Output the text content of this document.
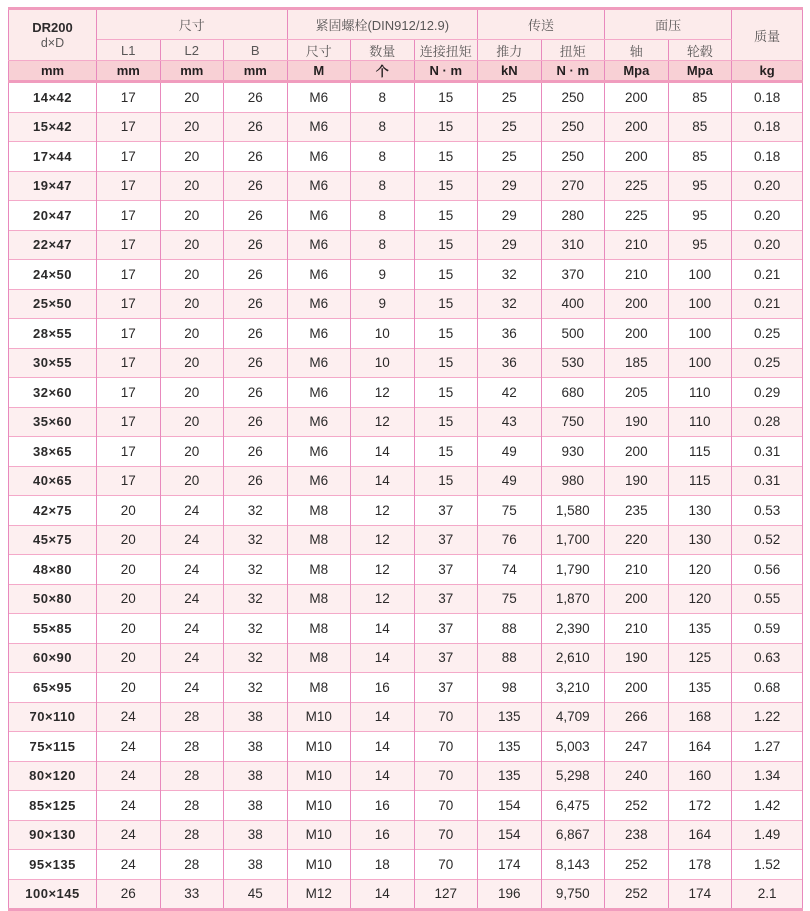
DR200
d×D	尺寸			紧固螺栓(DIN912/12.9)			传送		面压		质量
	L1	L2	B	尺寸	数量	连接扭矩	推力	扭矩	轴	轮毂	
mm	mm	mm	mm	M	个	N · m	kN	N · m	Mpa	Mpa	kg
14×42	17	20	26	M6	8	15	25	250	200	85	0.18
15×42	17	20	26	M6	8	15	25	250	200	85	0.18
17×44	17	20	26	M6	8	15	25	250	200	85	0.18
19×47	17	20	26	M6	8	15	29	270	225	95	0.20
20×47	17	20	26	M6	8	15	29	280	225	95	0.20
22×47	17	20	26	M6	8	15	29	310	210	95	0.20
24×50	17	20	26	M6	9	15	32	370	210	100	0.21
25×50	17	20	26	M6	9	15	32	400	200	100	0.21
28×55	17	20	26	M6	10	15	36	500	200	100	0.25
30×55	17	20	26	M6	10	15	36	530	185	100	0.25
32×60	17	20	26	M6	12	15	42	680	205	110	0.29
35×60	17	20	26	M6	12	15	43	750	190	110	0.28
38×65	17	20	26	M6	14	15	49	930	200	115	0.31
40×65	17	20	26	M6	14	15	49	980	190	115	0.31
42×75	20	24	32	M8	12	37	75	1,580	235	130	0.53
45×75	20	24	32	M8	12	37	76	1,700	220	130	0.52
48×80	20	24	32	M8	12	37	74	1,790	210	120	0.56
50×80	20	24	32	M8	12	37	75	1,870	200	120	0.55
55×85	20	24	32	M8	14	37	88	2,390	210	135	0.59
60×90	20	24	32	M8	14	37	88	2,610	190	125	0.63
65×95	20	24	32	M8	16	37	98	3,210	200	135	0.68
70×110	24	28	38	M10	14	70	135	4,709	266	168	1.22
75×115	24	28	38	M10	14	70	135	5,003	247	164	1.27
80×120	24	28	38	M10	14	70	135	5,298	240	160	1.34
85×125	24	28	38	M10	16	70	154	6,475	252	172	1.42
90×130	24	28	38	M10	16	70	154	6,867	238	164	1.49
95×135	24	28	38	M10	18	70	174	8,143	252	178	1.52
100×145	26	33	45	M12	14	127	196	9,750	252	174	2.1
